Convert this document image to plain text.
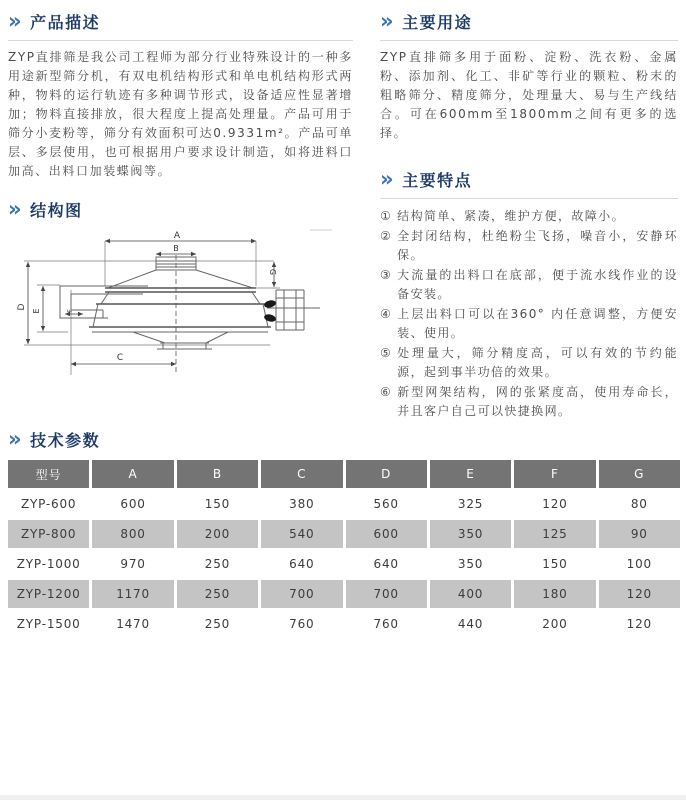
» 产品描述

ZYP直排筛是我公司工程师为部分行业特殊设计的一种多用途新型筛分机，有双电机结构形式和单电机结构形式两种，物料的运行轨迹有多种调节形式，设备适应性显著增加；物料直接排放，很大程度上提高处理量。产品可用于筛分小麦粉等，筛分有效面积可达0.9331m²。产品可单层、多层使用，也可根据用户要求设计制造，如将进料口加高、出料口加装蝶阀等。

» 结构图
A
B
C
D
E	F
G
» 主要用途

ZYP直排筛多用于面粉、淀粉、洗衣粉、金属粉、添加剂、化工、非矿等行业的颗粒、粉末的粗略筛分、精度筛分，处理量大、易与生产线结合。可在600mm至1800mm之间有更多的选择。

» 主要特点
① 结构简单、紧凑，维护方便，故障小。
② 全封闭结构，杜绝粉尘飞扬，噪音小，安静环保。
③ 大流量的出料口在底部，便于流水线作业的设备安装。
④ 上层出料口可以在360° 内任意调整，方便安装、使用。
⑤ 处理量大，筛分精度高，可以有效的节约能源，起到事半功倍的效果。
⑥ 新型网架结构，网的张紧度高，使用寿命长，并且客户自己可以快捷换网。
» 技术参数
型号	A	B	C	D	E	F	G
ZYP-600	600	150	380	560	325	120	80
ZYP-800	800	200	540	600	350	125	90
ZYP-1000	970	250	640	640	350	150	100
ZYP-1200	1170	250	700	700	400	180	120
ZYP-1500	1470	250	760	760	440	200	120
